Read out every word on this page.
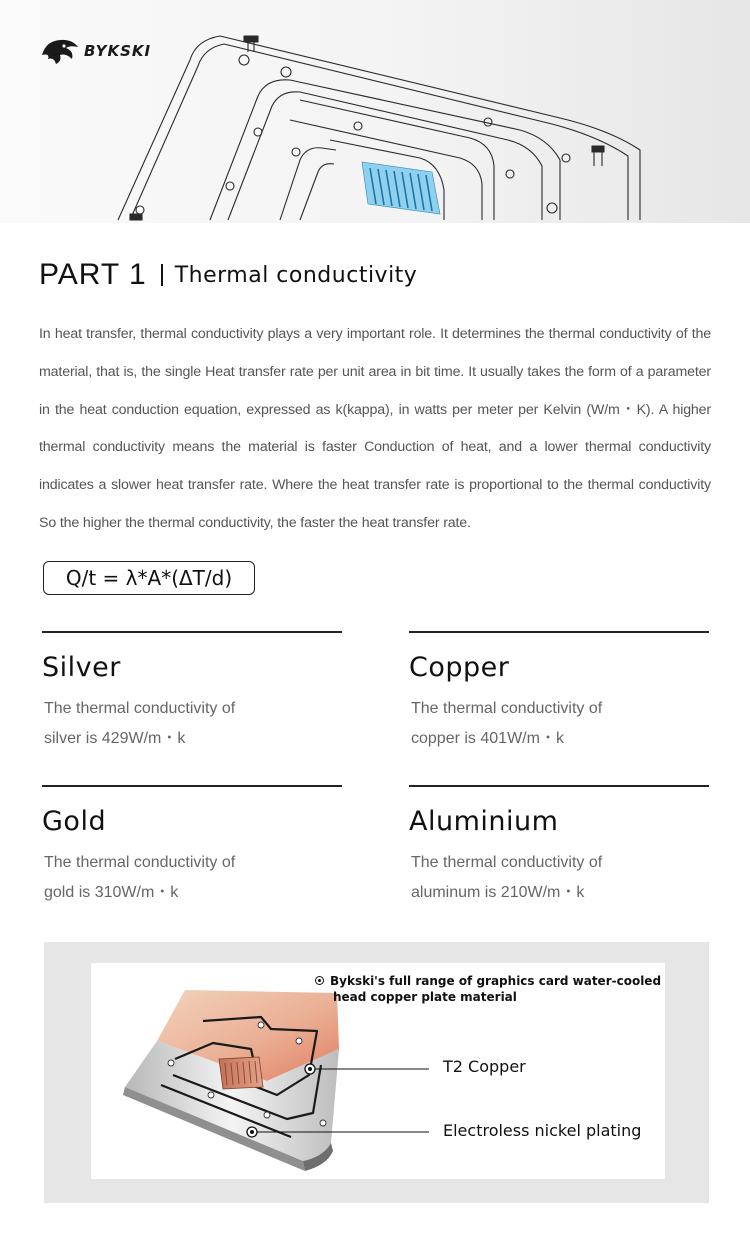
BYKSKI
PART 1 Thermal conductivity

In heat transfer, thermal conductivity plays a very important role. It determines the thermal conductivity of the material, that is, the single Heat transfer rate per unit area in bit time. It usually takes the form of a parameter in the heat conduction equation, expressed as k(kappa), in watts per meter per Kelvin (W/m・K). A higher thermal conductivity means the material is faster Conduction of heat, and a lower thermal conductivity indicates a slower heat transfer rate. Where the heat transfer rate is proportional to the thermal conductivity So the higher the thermal conductivity, the faster the heat transfer rate.

Q/t = λ*A*(ΔT/d)
Silver
The thermal conductivity of
silver is 429W/m・k
Copper
The thermal conductivity of
copper is 401W/m・k
Gold
The thermal conductivity of
gold is 310W/m・k
Aluminium
The thermal conductivity of
aluminum is 210W/m・k
Bykski's full range of graphics card water-cooled
head copper plate material
T2 Copper
Electroless nickel plating
